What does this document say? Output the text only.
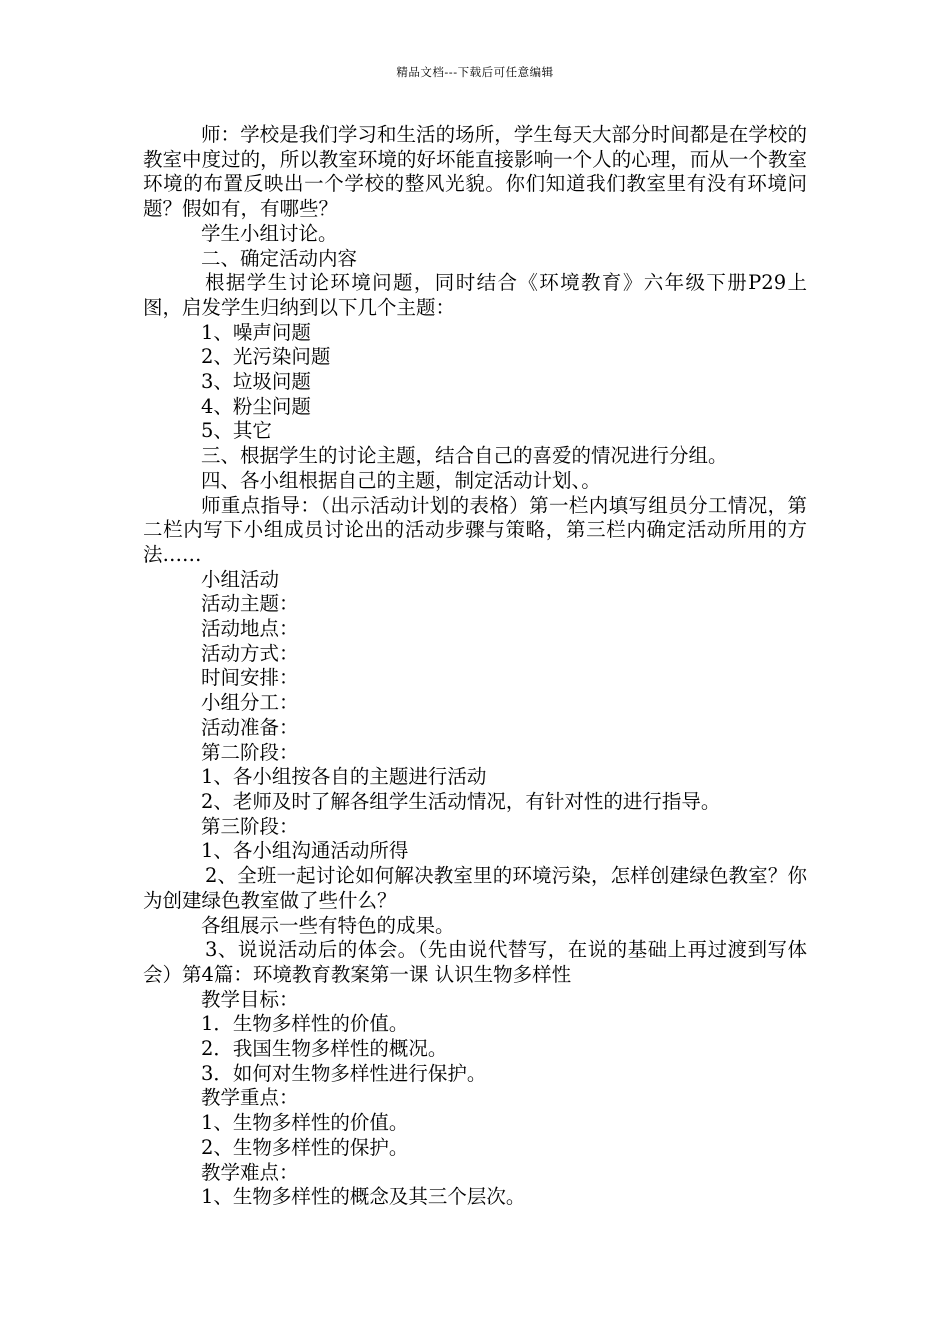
精品文档---下载后可任意编辑

师：学校是我们学习和生活的场所，学生每天大部分时间都是在学校的教室中度过的，所以教室环境的好坏能直接影响一个人的心理，而从一个教室环境的布置反映出一个学校的整风光貌。你们知道我们教室里有没有环境问题？假如有，有哪些？

学生小组讨论。

二、确定活动内容

根据学生讨论环境问题，同时结合《环境教育》六年级下册P29上图，启发学生归纳到以下几个主题：

1、噪声问题

2、光污染问题

3、垃圾问题

4、粉尘问题

5、其它

三、根据学生的讨论主题，结合自己的喜爱的情况进行分组。

四、各小组根据自己的主题，制定活动计划、。

师重点指导：（出示活动计划的表格）第一栏内填写组员分工情况，第二栏内写下小组成员讨论出的活动步骤与策略，第三栏内确定活动所用的方法……

小组活动

活动主题：

活动地点：

活动方式：

时间安排：

小组分工：

活动准备：

第二阶段：

1、各小组按各自的主题进行活动

2、老师及时了解各组学生活动情况，有针对性的进行指导。

第三阶段：

1、各小组沟通活动所得

2、全班一起讨论如何解决教室里的环境污染，怎样创建绿色教室？你为创建绿色教室做了些什么？

各组展示一些有特色的成果。

3、说说活动后的体会。（先由说代替写，在说的基础上再过渡到写体会）第4篇：环境教育教案第一课 认识生物多样性

教学目标：

1．生物多样性的价值。

2．我国生物多样性的概况。

3．如何对生物多样性进行保护。

教学重点：

1、生物多样性的价值。

2、生物多样性的保护。

教学难点：

1、生物多样性的概念及其三个层次。
